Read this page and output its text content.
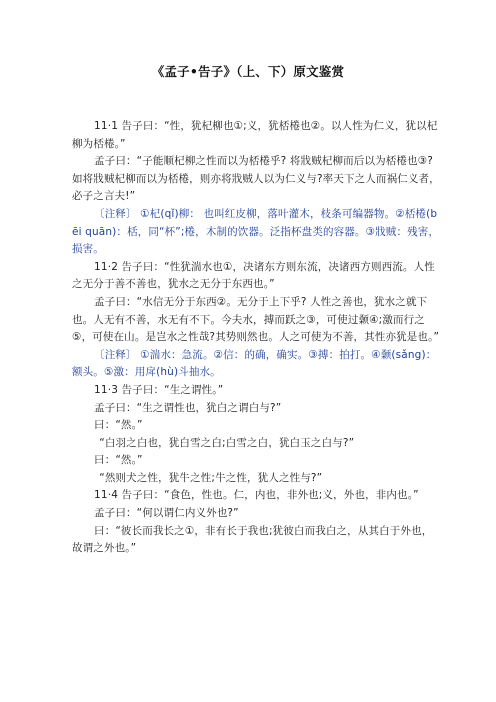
《孟子•告子》（上、下）原文鉴赏

11·1 告子曰：“性，犹杞柳也①;义，犹桮棬也②。以人性为仁义，犹以杞柳为桮棬。”

孟子曰：“子能顺杞柳之性而以为桮棬乎? 将戕贼杞柳而后以为桮棬也③? 如将戕贼杞柳而以为桮棬，则亦将戕贼人以为仁义与?率天下之人而祸仁义者，必子之言夫!”

〔注释〕 ①杞(qǐ)柳： 也叫红皮柳，落叶灌木，枝条可编器物。②桮棬(bēi quān)：栝，同“杯”;棬，木制的饮器。泛指杯盘类的容器。③戕贼：残害，损害。

11·2 告子曰：“性犹湍水也①，决诸东方则东流，决诸西方则西流。人性之无分于善不善也，犹水之无分于东西也。”

孟子曰：“水信无分于东西②。无分于上下乎? 人性之善也，犹水之就下也。人无有不善，水无有不下。今夫水，搏而跃之③，可使过颡④;激而行之⑤，可使在山。是岂水之性哉?其势则然也。人之可使为不善，其性亦犹是也。”

〔注释〕 ①湍水：急流。②信：的确，确实。③搏：拍打。④颡(sǎng)：额头。⑤激：用戽(hù)斗抽水。

11·3 告子曰：“生之谓性。”

孟子曰：“生之谓性也，犹白之谓白与?”

曰：“然。”

“白羽之白也，犹白雪之白;白雪之白，犹白玉之白与?”

曰：“然。”

“然则犬之性，犹牛之性;牛之性，犹人之性与?”

11·4 告子曰：“食色，性也。仁，内也，非外也;义，外也，非内也。”

孟子曰：“何以谓仁内义外也?”

曰：“彼长而我长之①，非有长于我也;犹彼白而我白之，从其白于外也，故谓之外也。”
